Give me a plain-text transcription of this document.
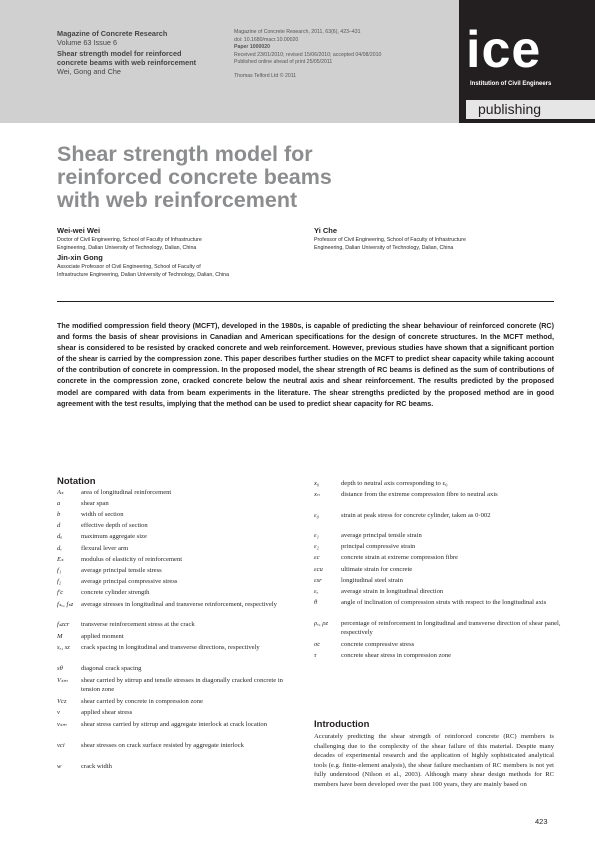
Magazine of Concrete Research
Volume 63 Issue 6
Shear strength model for reinforced
concrete beams with web reinforcement
Wei, Gong and Che
Magazine of Concrete Research, 2011, 63(6), 423–431
doi: 10.1680/macr.10.00020
Paper 1000020
Received 23/01/2010; revised 15/06/2010; accepted 04/08/2010
Published online ahead of print 25/05/2011
Thomas Telford Ltd © 2011	ice
Institution of Civil Engineers
publishing
Shear strength model for
reinforced concrete beams
with web reinforcement
Wei-wei Wei
Doctor of Civil Engineering, School of Faculty of Infrastructure
Engineering, Dalian University of Technology, Dalian, China
Jin-xin Gong
Associate Professor of Civil Engineering, School of Faculty of
Infrastructure Engineering, Dalian University of Technology, Dalian, China
Yi Che
Professor of Civil Engineering, School of Faculty of Infrastructure
Engineering, Dalian University of Technology, Dalian, China

The modified compression field theory (MCFT), developed in the 1980s, is capable of predicting the shear behaviour of reinforced concrete (RC) and forms the basis of shear provisions in Canadian and American specifications for the design of concrete structures. In the MCFT method, shear is considered to be resisted by cracked concrete and web reinforcement. However, previous studies have shown that a significant portion of the shear is carried by the compression zone. This paper describes further studies on the MCFT to predict shear capacity while taking account of the contribution of concrete in compression. In the proposed model, the shear strength of RC beams is defined as the sum of contributions of concrete in the compression zone, cracked concrete below the neutral axis and shear reinforcement. The results predicted by the proposed model are compared with data from beam experiments in the literature. The shear strengths predicted by the proposed method are in good agreement with the test results, implying that the method can be used to predict shear capacity for RC beams.

Notation
Aₛ	area of longitudinal reinforcement
a	shear span
b	width of section
d	effective depth of section
dₐ	maximum aggregate size
dᵥ	flexural lever arm
Eₛ	modulus of elasticity of reinforcement
f₁	average principal tensile stress
f₂	average principal compressive stress
f′c	concrete cylinder strength
fₛₓ, fₛz average stresses in longitudinal and transverse reinforcement, respectively
fₛzcr transverse reinforcement stress at the crack
M	applied moment
sₓ, sz crack spacing in longitudinal and transverse directions, respectively
sθ	diagonal crack spacing
Vₛₘ shear carried by stirrup and tensile stresses in diagonally cracked concrete in tension zone
Vcz shear carried by concrete in compression zone
v	applied shear stress
vₛₘ shear stress carried by stirrup and aggregate interlock at crack location
vci shear stresses on crack surface resisted by aggregate interlock
w	crack width
x₀	depth to neutral axis corresponding to ε₀
xₙ	distance from the extreme compression fibre to neutral axis
ε₀	strain at peak stress for concrete cylinder, taken as 0·002
ε₁	average principal tensile strain
ε₂	principal compressive strain
εc	concrete strain at extreme compression fibre
εcu	ultimate strain for concrete
εsr	longitudinal steel strain
εₓ	average strain in longitudinal direction
θ	angle of inclination of compression struts with respect to the longitudinal axis
ρₓ, ρz percentage of reinforcement in longitudinal and transverse direction of shear panel, respectively
σc	concrete compressive stress
τ	concrete shear stress in compression zone
Introduction

Accurately predicting the shear strength of reinforced concrete (RC) members is challenging due to the complexity of the shear failure of this material. Despite many decades of experimental research and the application of highly sophisticated analytical tools (e.g. finite-element analysis), the shear failure mechanism of RC members is not yet fully understood (Nilson et al., 2003). Although many shear design methods for RC members have been developed over the past 100 years, they are mainly based on

423
